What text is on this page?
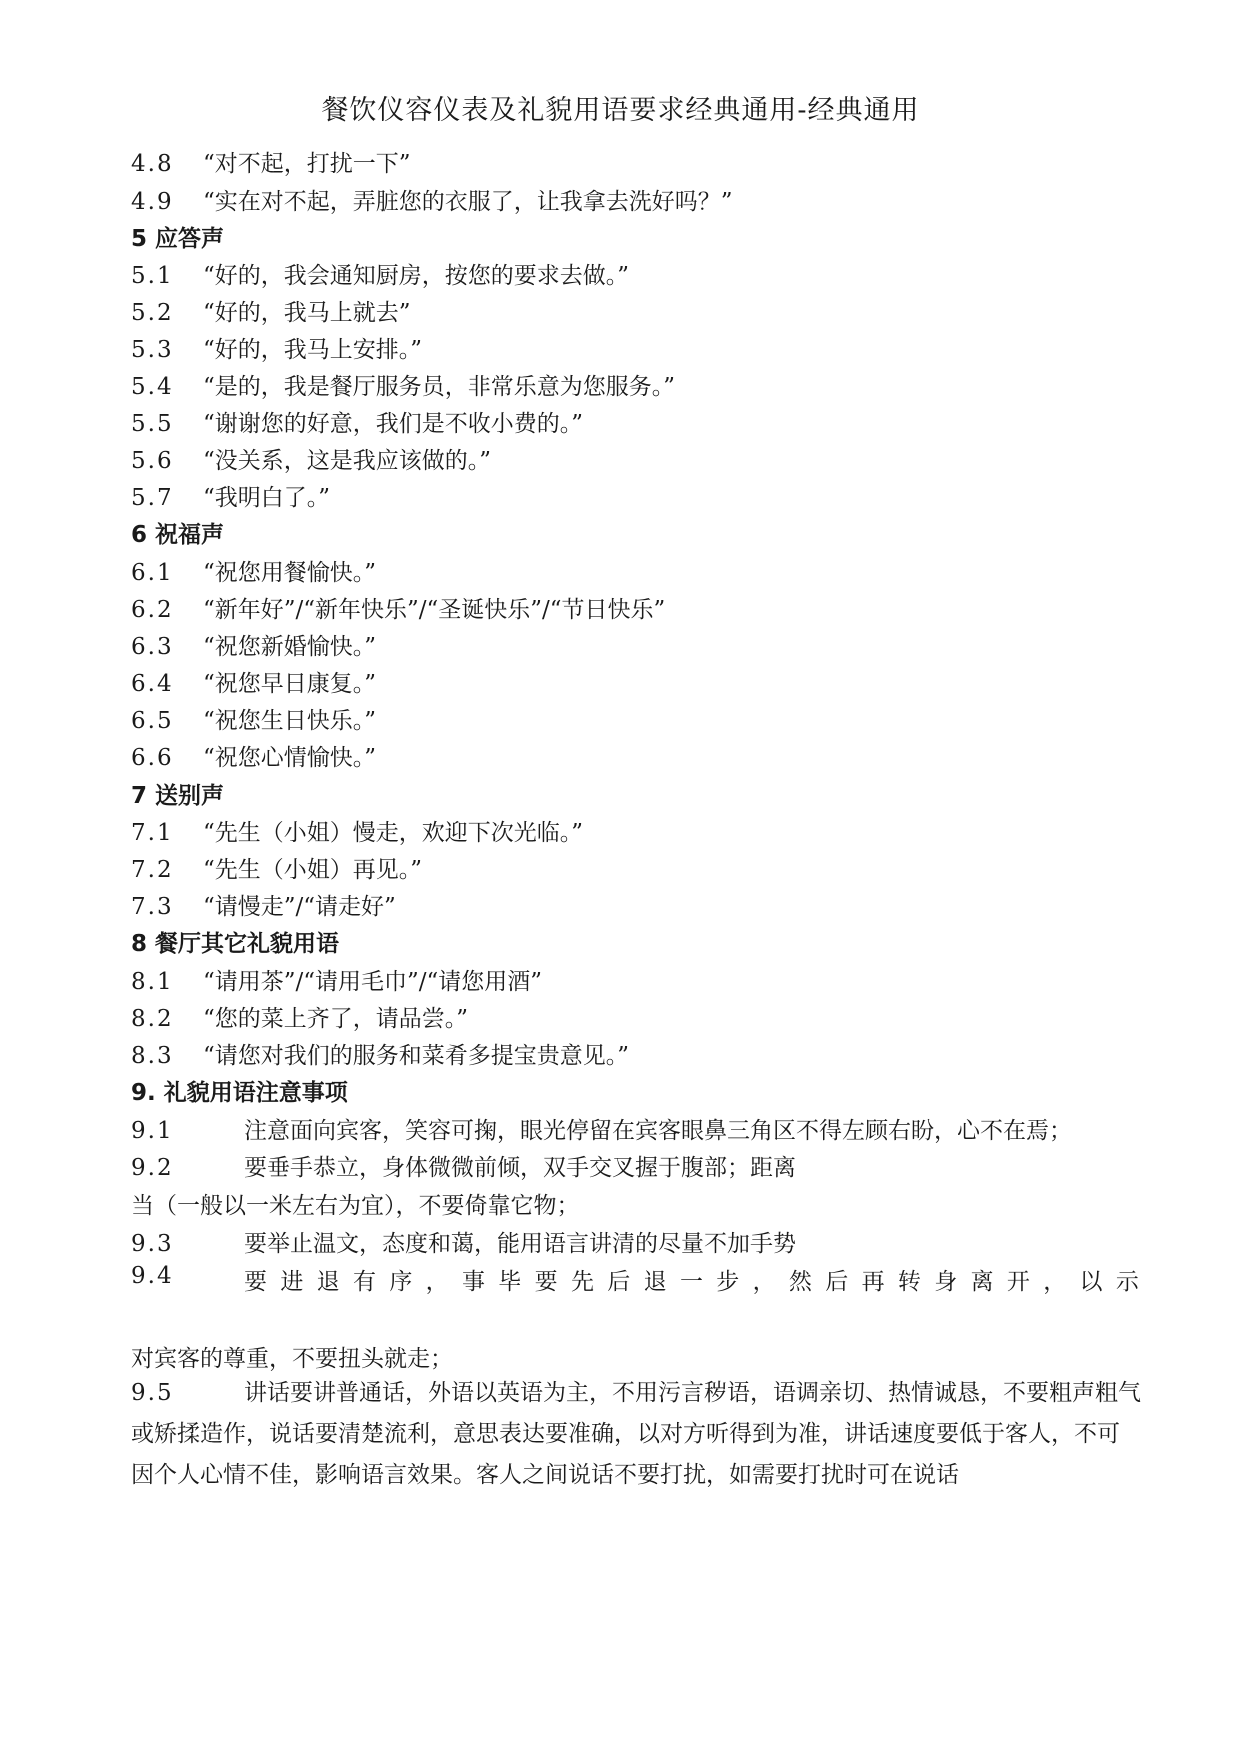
餐饮仪容仪表及礼貌用语要求经典通用-经典通用
4.8 “对不起，打扰一下”
4.9 “实在对不起，弄脏您的衣服了，让我拿去洗好吗？”
5 应答声
5.1 “好的，我会通知厨房，按您的要求去做。”
5.2 “好的，我马上就去”
5.3 “好的，我马上安排。”
5.4 “是的，我是餐厅服务员，非常乐意为您服务。”
5.5 “谢谢您的好意，我们是不收小费的。”
5.6 “没关系，这是我应该做的。”
5.7 “我明白了。”
6 祝福声
6.1 “祝您用餐愉快。”
6.2 “新年好”/“新年快乐”/“圣诞快乐”/“节日快乐”
6.3 “祝您新婚愉快。”
6.4 “祝您早日康复。”
6.5 “祝您生日快乐。”
6.6 “祝您心情愉快。”
7 送别声
7.1 “先生（小姐）慢走，欢迎下次光临。”
7.2 “先生（小姐）再见。”
7.3 “请慢走”/“请走好”
8 餐厅其它礼貌用语
8.1 “请用茶”/“请用毛巾”/“请您用酒”
8.2 “您的菜上齐了，请品尝。”
8.3 “请您对我们的服务和菜肴多提宝贵意见。”
9. 礼貌用语注意事项
9.1	注意面向宾客，笑容可掬，眼光停留在宾客眼鼻三角区不得左顾右盼，心不在焉；
9.2	要垂手恭立，身体微微前倾，双手交叉握于腹部；距离
当（一般以一米左右为宜），不要倚靠它物；
9.3	要举止温文，态度和蔼，能用语言讲清的尽量不加手势
9.4	要 进 退 有 序 ， 事 毕 要 先 后 退 一 步 ， 然 后 再 转 身 离 开 ， 以 示
对宾客的尊重，不要扭头就走；
9.5	讲话要讲普通话，外语以英语为主，不用污言秽语，语调亲切、热情诚恳，不要粗声粗气或矫揉造作，说话要清楚流利，意思表达要准确，以对方听得到为准，讲话速度要低于客人，不可因个人心情不佳，影响语言效果。客人之间说话不要打扰，如需要打扰时可在说话
